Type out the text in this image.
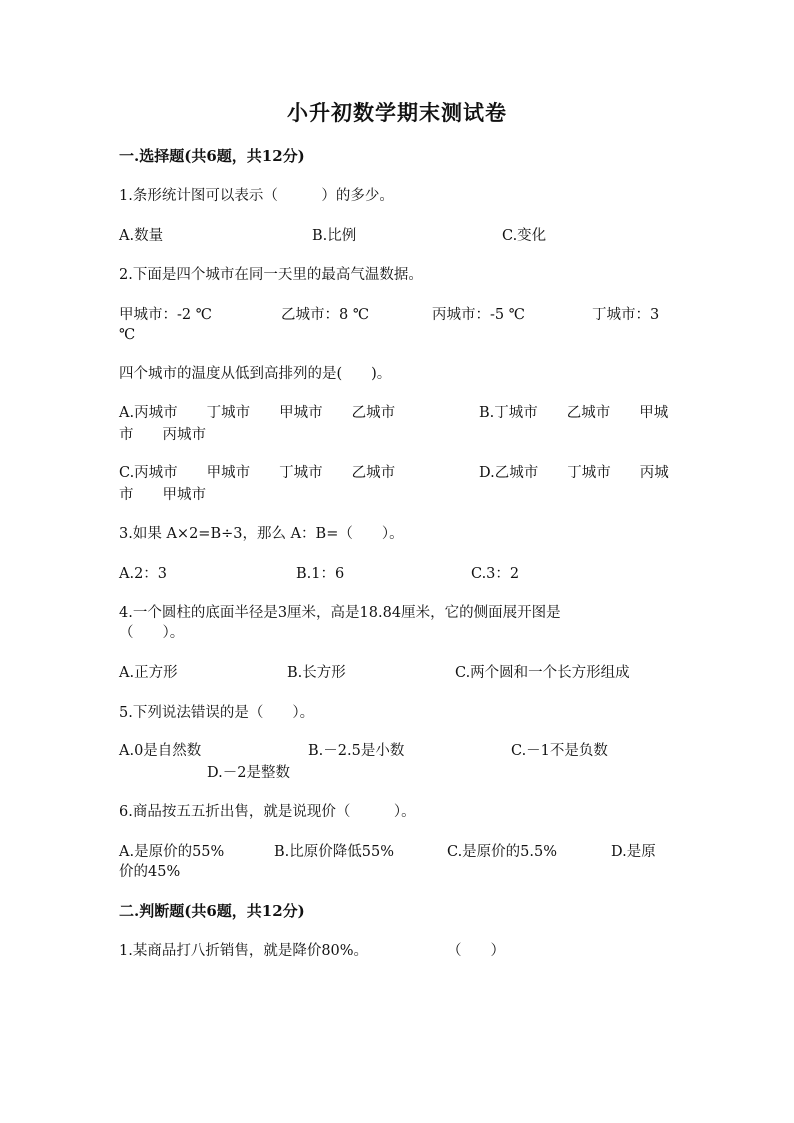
小升初数学期末测试卷
一.选择题(共6题，共12分)
1.条形统计图可以表示（　　　）的多少。
A.数量	B.比例	C.变化
2.下面是四个城市在同一天里的最高气温数据。
甲城市：-2 ℃	乙城市：8 ℃	丙城市：-5 ℃	丁城市：3
℃
四个城市的温度从低到高排列的是(　　)。
A.丙城市　　丁城市　　甲城市　　乙城市	B.丁城市　　乙城市　　甲城
市　　丙城市
C.丙城市　　甲城市　　丁城市　　乙城市	D.乙城市　　丁城市　　丙城
市　　甲城市
3.如果 A×2=B÷3，那么 A：B=（　　）。
A.2：3	B.1：6	C.3：2
4.一个圆柱的底面半径是3厘米，高是18.84厘米，它的侧面展开图是
（　　）。
A.正方形	B.长方形	C.两个圆和一个长方形组成
5.下列说法错误的是（　　）。
A.0是自然数	B.－2.5是小数	C.－1不是负数
D.－2是整数
6.商品按五五折出售，就是说现价（　　　）。
A.是原价的55%	B.比原价降低55%	C.是原价的5.5%	D.是原
价的45%
二.判断题(共6题，共12分)
1.某商品打八折销售，就是降价80%。	（　　）
